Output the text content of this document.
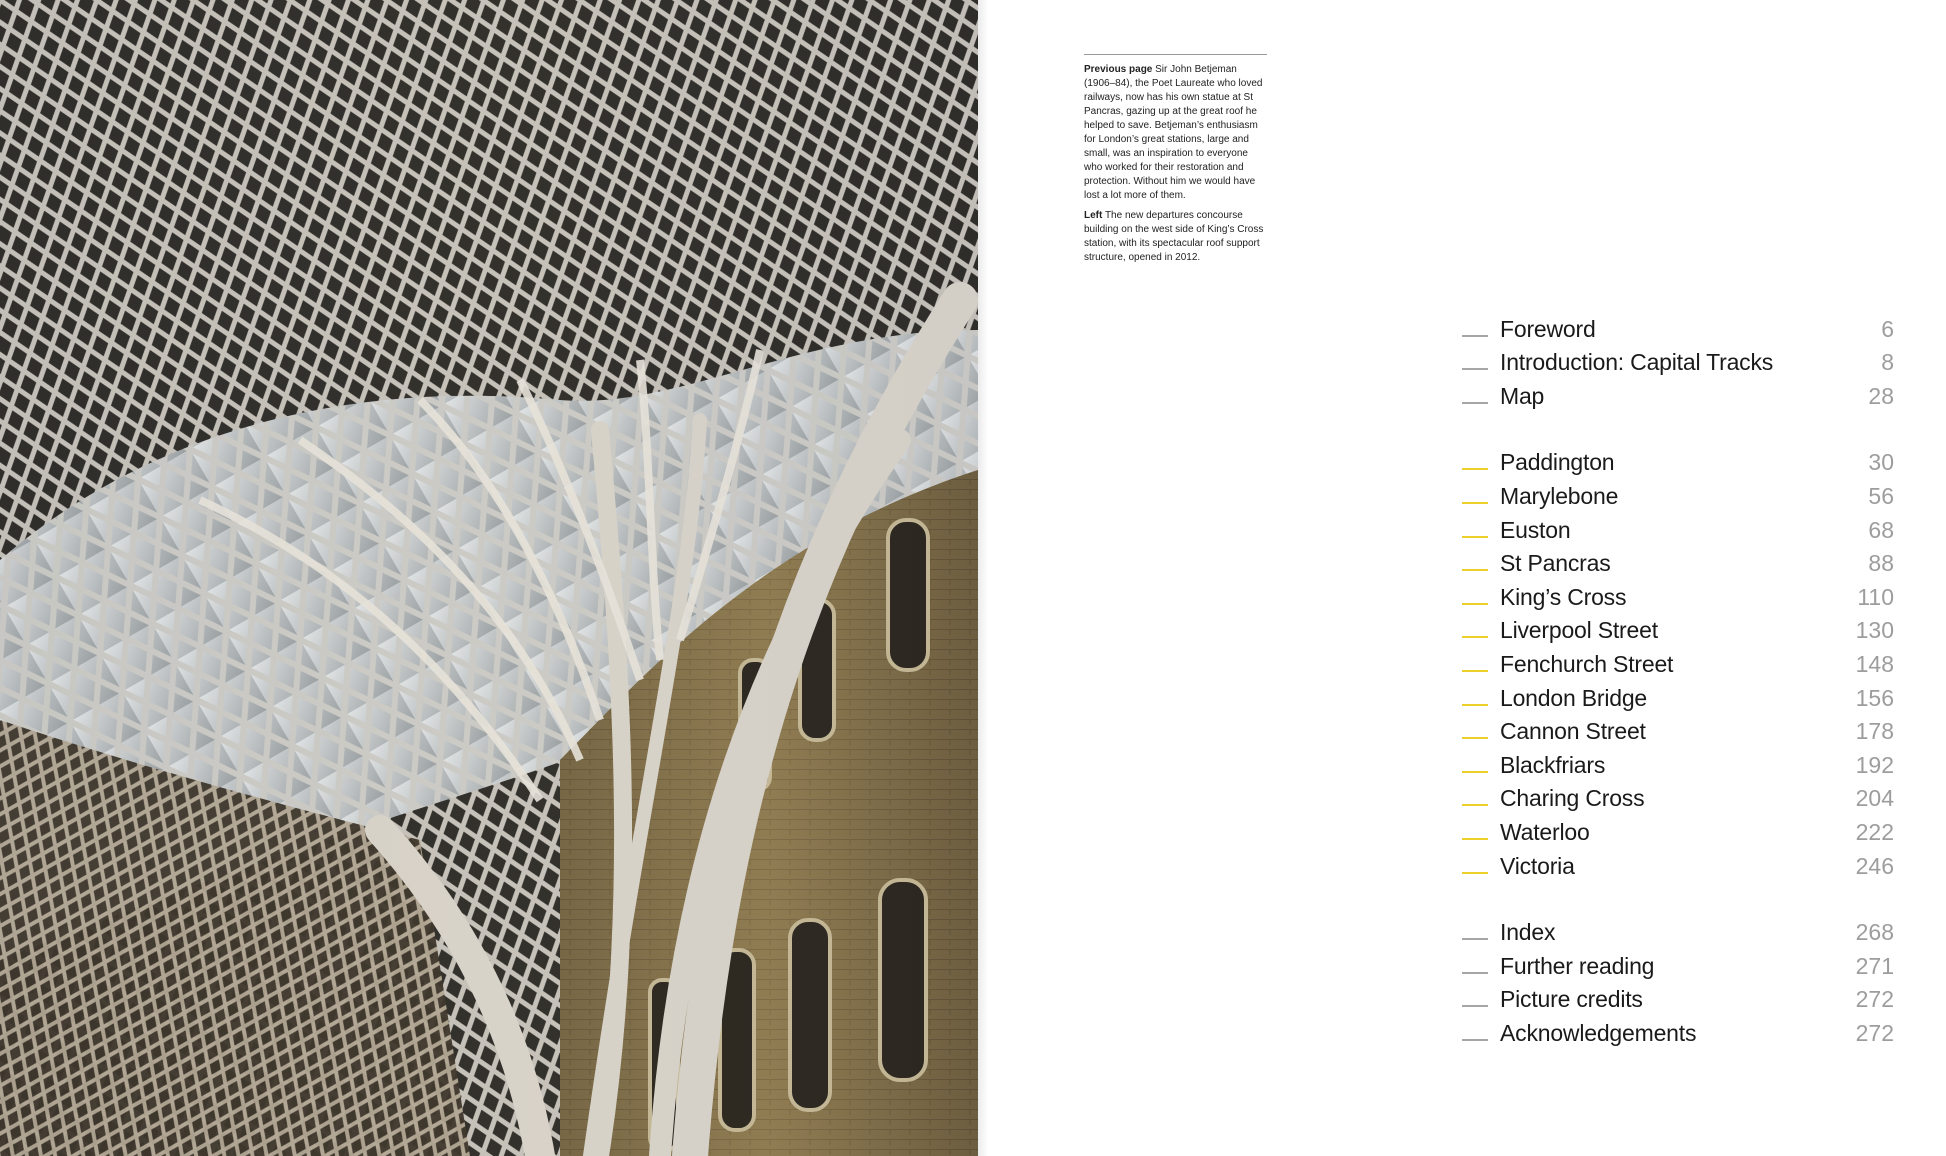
Previous page Sir John Betjeman (1906–84), the Poet Laureate who loved railways, now has his own statue at St Pancras, gazing up at the great roof he helped to save. Betjeman’s enthusiasm for London’s great stations, large and small, was an inspiration to everyone who worked for their restoration and protection. Without him we would have lost a lot more of them.

Left The new departures concourse building on the west side of King’s Cross station, with its spectacular roof support structure, opened in 2012.

Foreword	6
Introduction: Capital Tracks	8
Map	28
Paddington	30
Marylebone	56
Euston	68
St Pancras	88
King’s Cross	110
Liverpool Street	130
Fenchurch Street	148
London Bridge	156
Cannon Street	178
Blackfriars	192
Charing Cross	204
Waterloo	222
Victoria	246
Index	268
Further reading	271
Picture credits	272
Acknowledgements	272
